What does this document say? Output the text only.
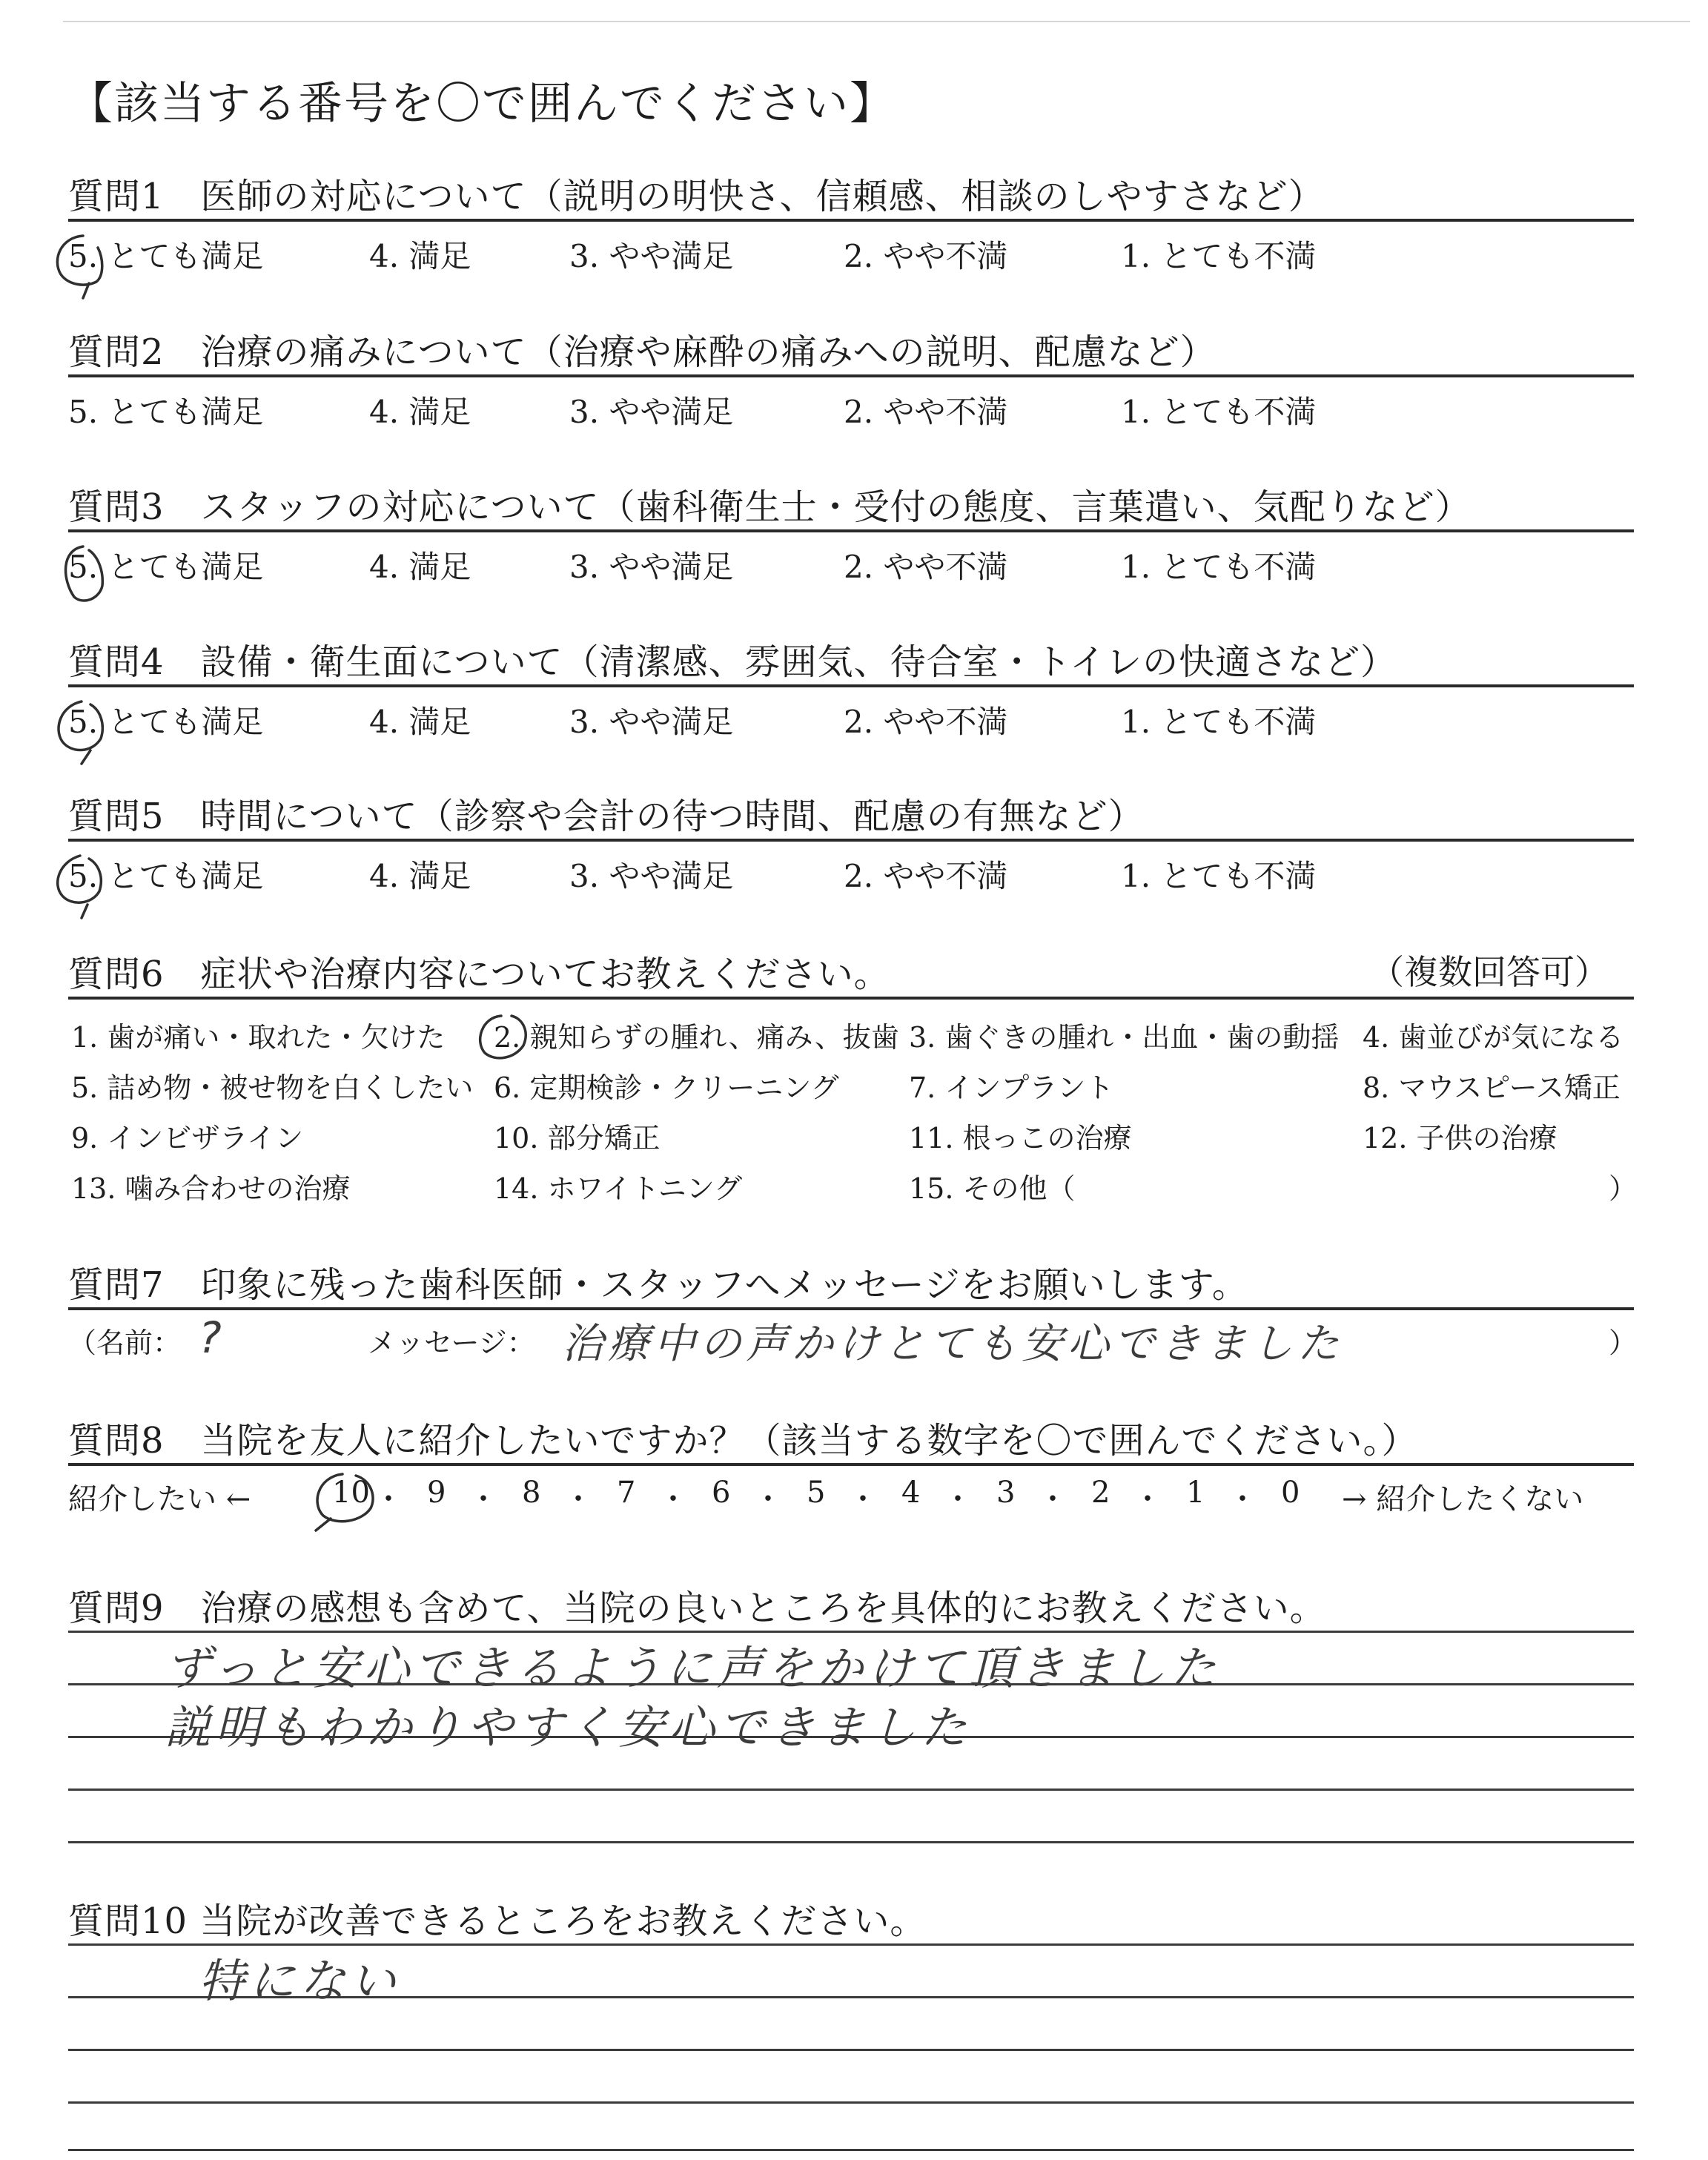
【該当する番号を〇で囲んでください】
質問1　医師の対応について（説明の明快さ、信頼感、相談のしやすさなど）
5. とても満足	4. 満足	3. やや満足	2. やや不満	1. とても不満
質問2　治療の痛みについて（治療や麻酔の痛みへの説明、配慮など）
5. とても満足	4. 満足	3. やや満足	2. やや不満	1. とても不満
質問3　スタッフの対応について（歯科衛生士・受付の態度、言葉遣い、気配りなど）
5. とても満足	4. 満足	3. やや満足	2. やや不満	1. とても不満
質問4　設備・衛生面について（清潔感、雰囲気、待合室・トイレの快適さなど）
5. とても満足	4. 満足	3. やや満足	2. やや不満	1. とても不満
質問5　時間について（診察や会計の待つ時間、配慮の有無など）
5. とても満足	4. 満足	3. やや満足	2. やや不満	1. とても不満
質問6　症状や治療内容についてお教えください。	（複数回答可）
1. 歯が痛い・取れた・欠けた 2. 親知らずの腫れ、痛み、抜歯 3. 歯ぐきの腫れ・出血・歯の動揺 4. 歯並びが気になる
5. 詰め物・被せ物を白くしたい 6. 定期検診・クリーニング 7. インプラント	8. マウスピース矯正
9. インビザライン	10. 部分矯正	11. 根っこの治療	12. 子供の治療
13. 噛み合わせの治療	14. ホワイトニング	15. その他（	）
質問7　印象に残った歯科医師・スタッフへメッセージをお願いします。
（名前： ?	メッセージ： 治療中の声かけとても安心できました	）
質問8　当院を友人に紹介したいですか？（該当する数字を〇で囲んでください。）
紹介したい ←	10 ・ 9 ・ 8 ・ 7 ・ 6 ・ 5 ・ 4 ・ 3 ・ 2 ・ 1 ・ 0 → 紹介したくない
質問9　治療の感想も含めて、当院の良いところを具体的にお教えください。
ずっと安心できるように声をかけて頂きました
説明もわかりやすく安心できました
質問10 当院が改善できるところをお教えください。
特にない
